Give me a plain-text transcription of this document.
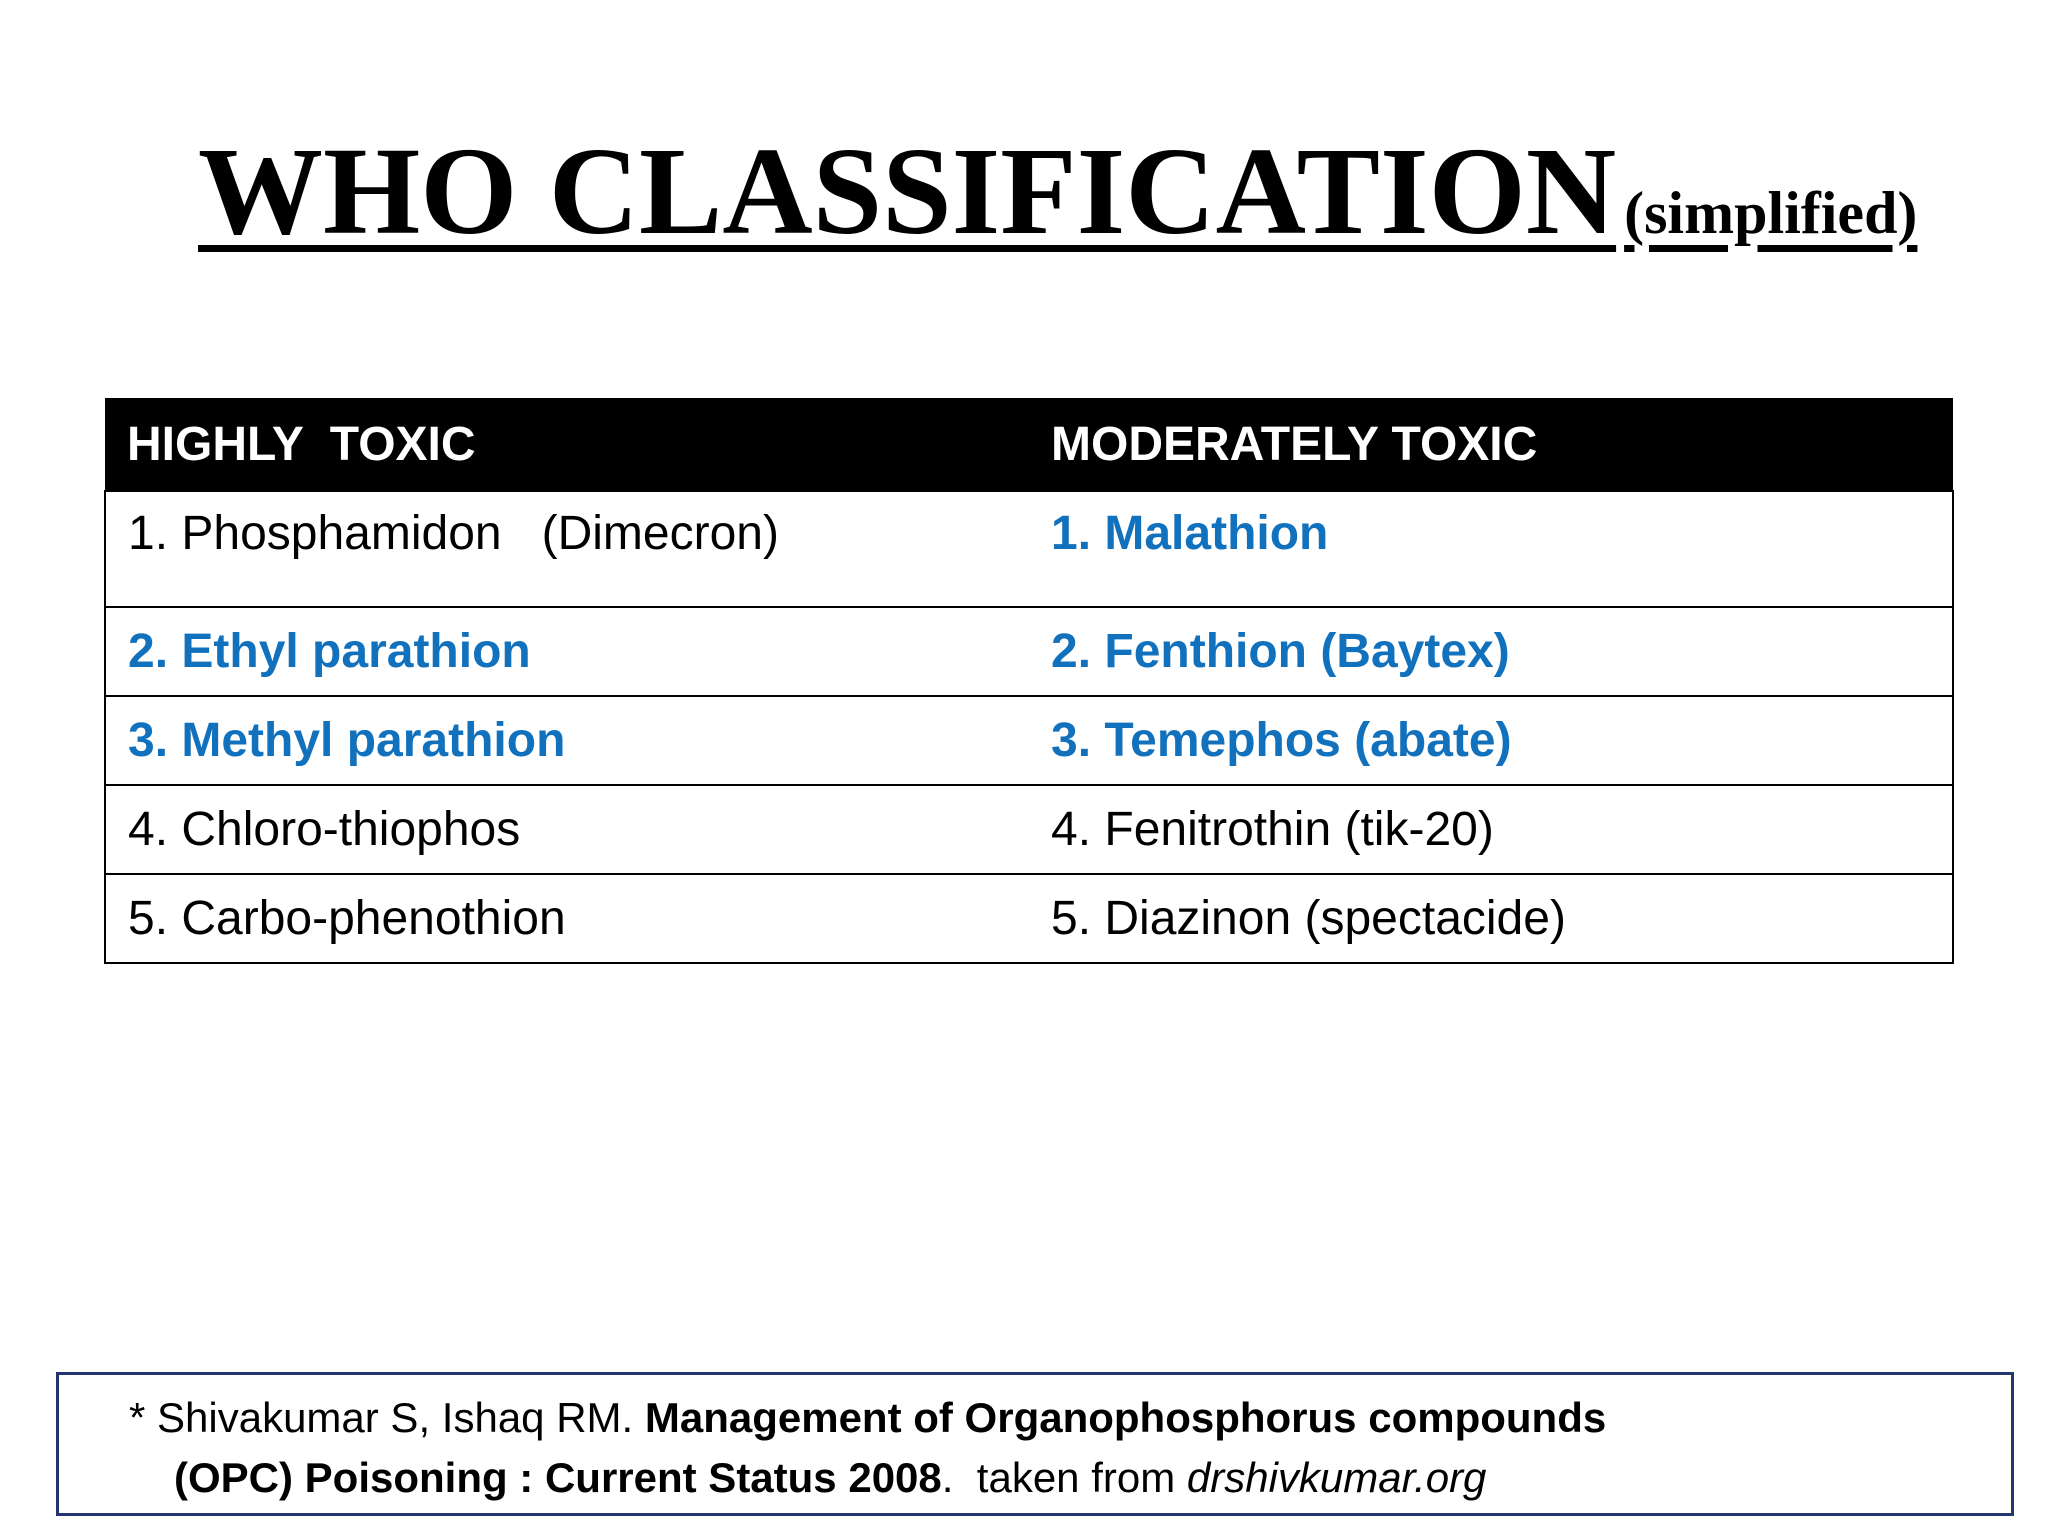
WHO CLASSIFICATION (simplified)
HIGHLY  TOXIC	MODERATELY TOXIC
1. Phosphamidon   (Dimecron)	1. Malathion
2. Ethyl parathion	2. Fenthion (Baytex)
3. Methyl parathion	3. Temephos (abate)
4. Chloro-thiophos	4. Fenitrothin (tik-20)
5. Carbo-phenothion	5. Diazinon (spectacide)
* Shivakumar S, Ishaq RM. Management of Organophosphorus compounds
(OPC) Poisoning : Current Status 2008.  taken from drshivkumar.org
